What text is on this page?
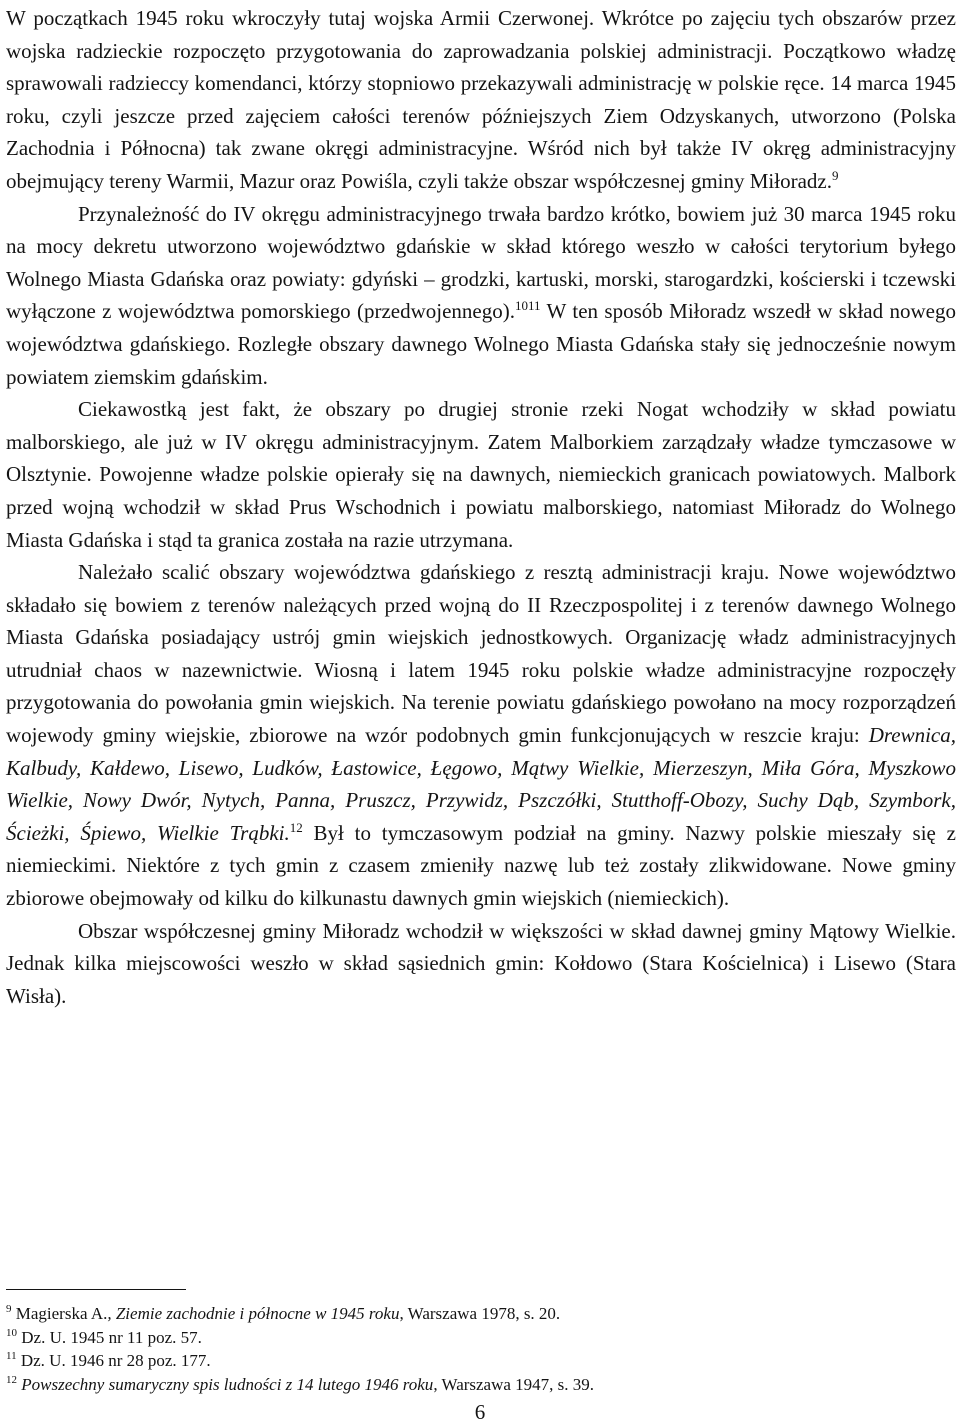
W początkach 1945 roku wkroczyły tutaj wojska Armii Czerwonej. Wkrótce po zajęciu tych obszarów przez wojska radzieckie rozpoczęto przygotowania do zaprowadzania polskiej administracji. Początkowo władzę sprawowali radzieccy komendanci, którzy stopniowo przekazywali administrację w polskie ręce. 14 marca 1945 roku, czyli jeszcze przed zajęciem całości terenów późniejszych Ziem Odzyskanych, utworzono (Polska Zachodnia i Północna) tak zwane okręgi administracyjne. Wśród nich był także IV okręg administracyjny obejmujący tereny Warmii, Mazur oraz Powiśla, czyli także obszar współczesnej gminy Miłoradz.$^9$

Przynależność do IV okręgu administracyjnego trwała bardzo krótko, bowiem już 30 marca 1945 roku na mocy dekretu utworzono województwo gdańskie w skład którego weszło w całości terytorium byłego Wolnego Miasta Gdańska oraz powiaty: gdyński – grodzki, kartuski, morski, starogardzki, kościerski i tczewski wyłączone z województwa pomorskiego (przedwojennego).$^{1011}$ W ten sposób Miłoradz wszedł w skład nowego województwa gdańskiego. Rozległe obszary dawnego Wolnego Miasta Gdańska stały się jednocześnie nowym powiatem ziemskim gdańskim.

Ciekawostką jest fakt, że obszary po drugiej stronie rzeki Nogat wchodziły w skład powiatu malborskiego, ale już w IV okręgu administracyjnym. Zatem Malborkiem zarządzały władze tymczasowe w Olsztynie. Powojenne władze polskie opierały się na dawnych, niemieckich granicach powiatowych. Malbork przed wojną wchodził w skład Prus Wschodnich i powiatu malborskiego, natomiast Miłoradz do Wolnego Miasta Gdańska i stąd ta granica została na razie utrzymana.

Należało scalić obszary województwa gdańskiego z resztą administracji kraju. Nowe województwo składało się bowiem z terenów należących przed wojną do II Rzeczpospolitej i z terenów dawnego Wolnego Miasta Gdańska posiadający ustrój gmin wiejskich jednostkowych. Organizację władz administracyjnych utrudniał chaos w nazewnictwie. Wiosną i latem 1945 roku polskie władze administracyjne rozpoczęły przygotowania do powołania gmin wiejskich. Na terenie powiatu gdańskiego powołano na mocy rozporządzeń wojewody gminy wiejskie, zbiorowe na wzór podobnych gmin funkcjonujących w reszcie kraju: Drewnica, Kalbudy, Kałdewo, Lisewo, Ludków, Łastowice, Łęgowo, Mątwy Wielkie, Mierzeszyn, Miła Góra, Myszkowo Wielkie, Nowy Dwór, Nytych, Panna, Pruszcz, Przywidz, Pszczółki, Stutthoff-Obozy, Suchy Dąb, Szymbork, Ścieżki, Śpiewo, Wielkie Trąbki.$^{12}$ Był to tymczasowym podział na gminy. Nazwy polskie mieszały się z niemieckimi. Niektóre z tych gmin z czasem zmieniły nazwę lub też zostały zlikwidowane. Nowe gminy zbiorowe obejmowały od kilku do kilkunastu dawnych gmin wiejskich (niemieckich).

Obszar współczesnej gminy Miłoradz wchodził w większości w skład dawnej gminy Mątowy Wielkie. Jednak kilka miejscowości weszło w skład sąsiednich gmin: Kołdowo (Stara Kościelnica) i Lisewo (Stara Wisła).

$^9$ Magierska A., Ziemie zachodnie i północne w 1945 roku, Warszawa 1978, s. 20.

$^{10}$ Dz. U. 1945 nr 11 poz. 57.

$^{11}$ Dz. U. 1946 nr 28 poz. 177.

$^{12}$ Powszechny sumaryczny spis ludności z 14 lutego 1946 roku, Warszawa 1947, s. 39.

6
